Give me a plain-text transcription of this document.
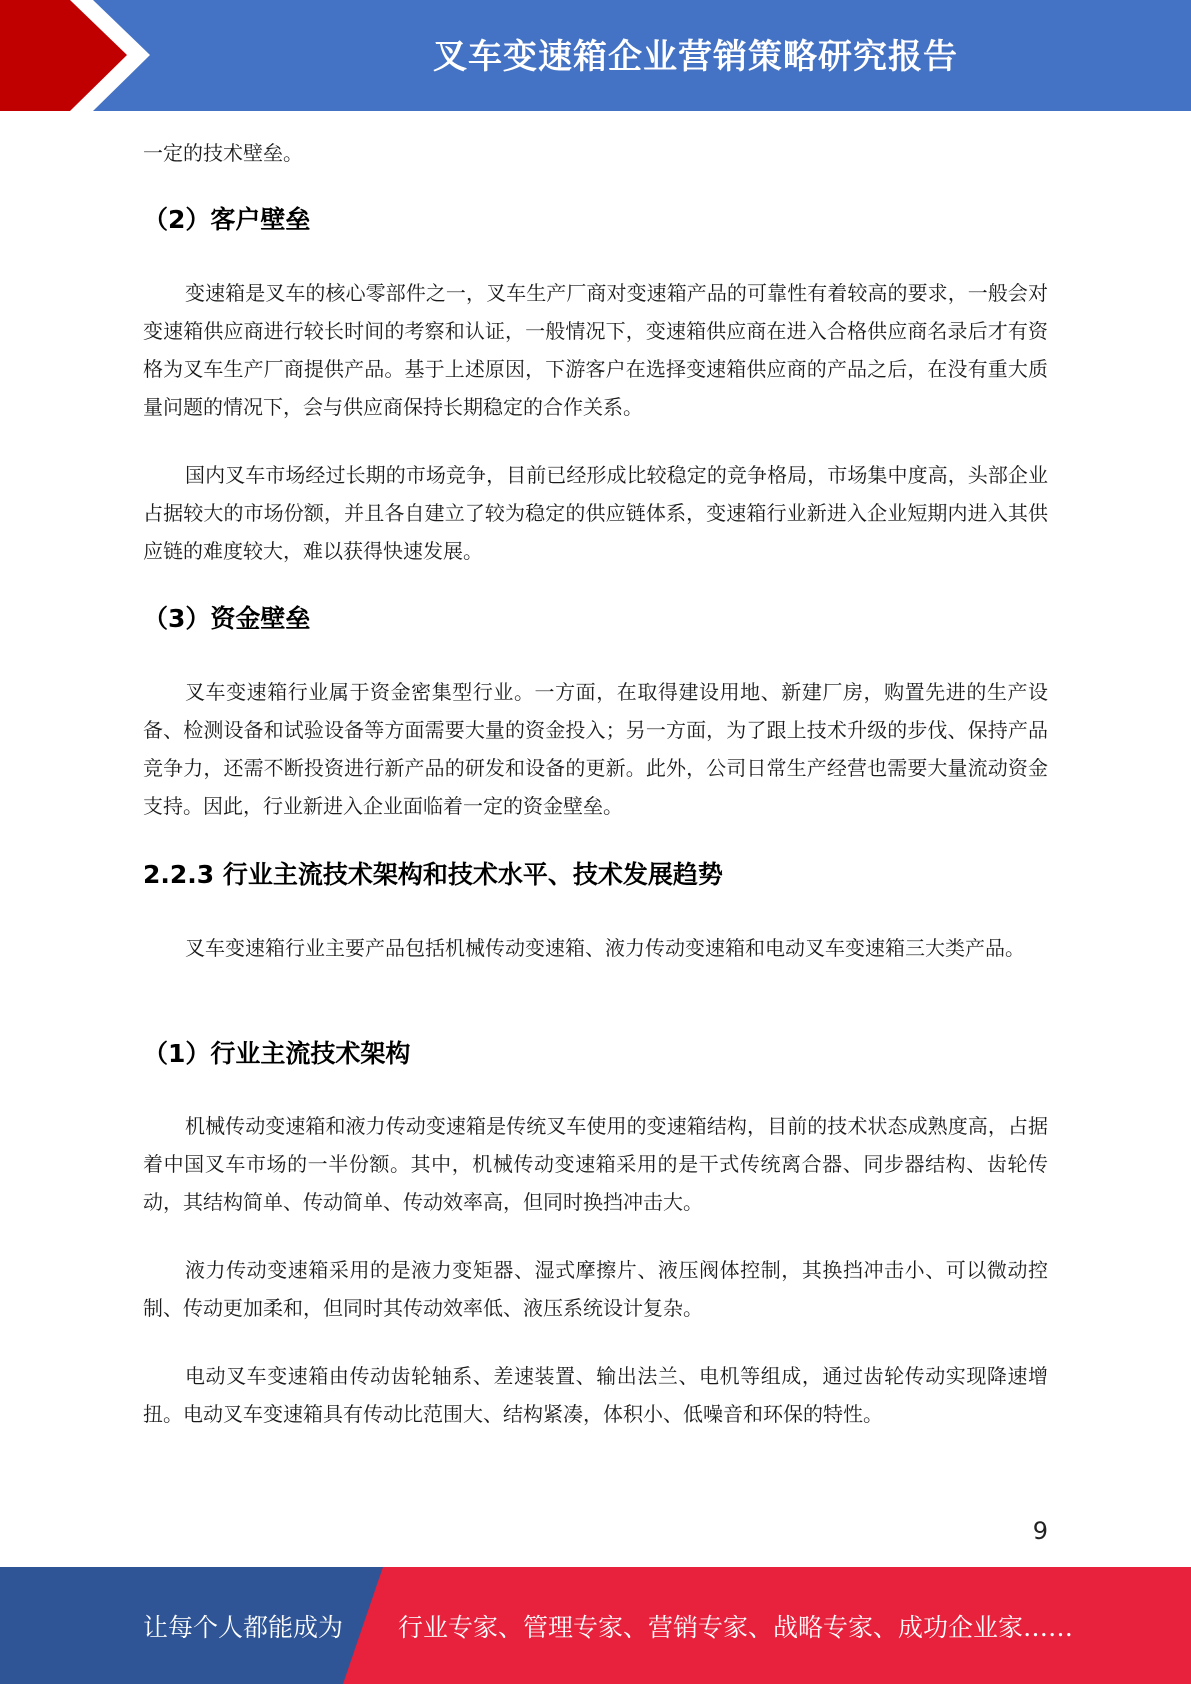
叉车变速箱企业营销策略研究报告
一定的技术壁垒。
（2）客户壁垒
变速箱是叉车的核心零部件之一，叉车生产厂商对变速箱产品的可靠性有着较高的要求，一般会对变速箱供应商进行较长时间的考察和认证，一般情况下，变速箱供应商在进入合格供应商名录后才有资格为叉车生产厂商提供产品。基于上述原因，下游客户在选择变速箱供应商的产品之后，在没有重大质量问题的情况下，会与供应商保持长期稳定的合作关系。
国内叉车市场经过长期的市场竞争，目前已经形成比较稳定的竞争格局，市场集中度高，头部企业占据较大的市场份额，并且各自建立了较为稳定的供应链体系，变速箱行业新进入企业短期内进入其供应链的难度较大，难以获得快速发展。
（3）资金壁垒
叉车变速箱行业属于资金密集型行业。一方面，在取得建设用地、新建厂房，购置先进的生产设备、检测设备和试验设备等方面需要大量的资金投入；另一方面，为了跟上技术升级的步伐、保持产品竞争力，还需不断投资进行新产品的研发和设备的更新。此外，公司日常生产经营也需要大量流动资金支持。因此，行业新进入企业面临着一定的资金壁垒。
2.2.3 行业主流技术架构和技术水平、技术发展趋势
叉车变速箱行业主要产品包括机械传动变速箱、液力传动变速箱和电动叉车变速箱三大类产品。
（1）行业主流技术架构
机械传动变速箱和液力传动变速箱是传统叉车使用的变速箱结构，目前的技术状态成熟度高，占据着中国叉车市场的一半份额。其中，机械传动变速箱采用的是干式传统离合器、同步器结构、齿轮传动，其结构简单、传动简单、传动效率高，但同时换挡冲击大。
液力传动变速箱采用的是液力变矩器、湿式摩擦片、液压阀体控制，其换挡冲击小、可以微动控制、传动更加柔和，但同时其传动效率低、液压系统设计复杂。
电动叉车变速箱由传动齿轮轴系、差速装置、输出法兰、电机等组成，通过齿轮传动实现降速增扭。电动叉车变速箱具有传动比范围大、结构紧凑，体积小、低噪音和环保的特性。
9
让每个人都能成为 行业专家、管理专家、营销专家、战略专家、成功企业家……
